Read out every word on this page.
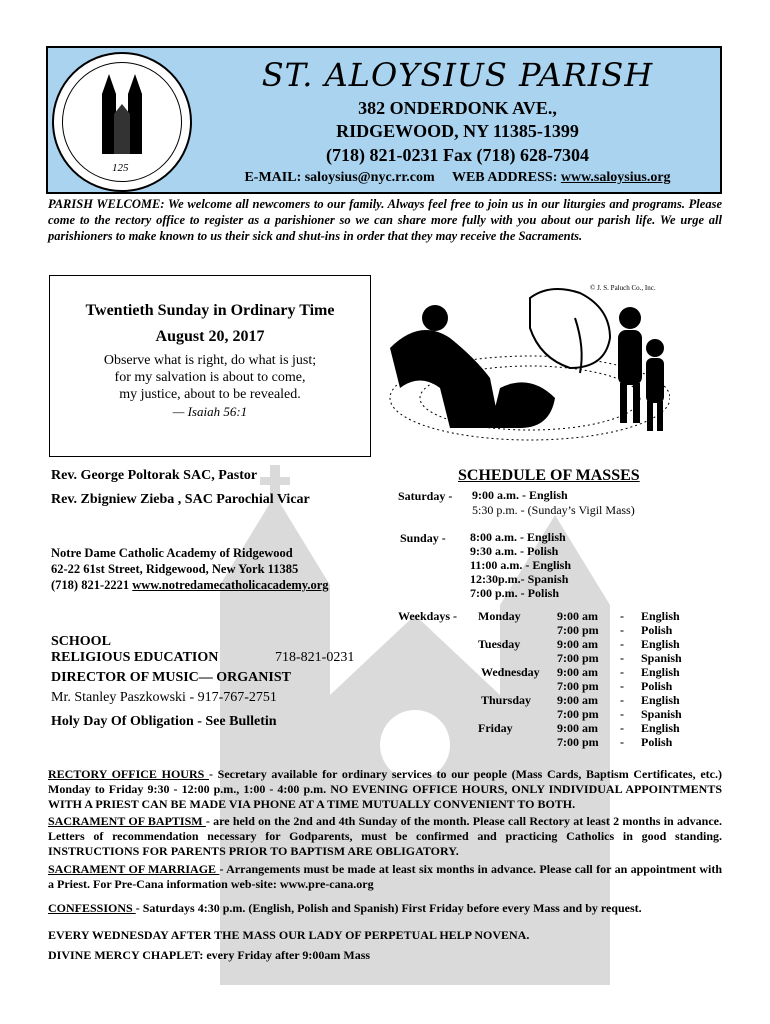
125
ST. ALOYSIUS PARISH
382 ONDERDONK AVE.,
RIDGEWOOD, NY 11385-1399
(718) 821-0231 Fax (718) 628-7304
E-MAIL: saloysius@nyc.rr.com WEB ADDRESS: www.saloysius.org
PARISH WELCOME: We welcome all newcomers to our family. Always feel free to join us in our liturgies and programs. Please come to the rectory office to register as a parishioner so we can share more fully with you about our parish life. We urge all parishioners to make known to us their sick and shut-ins in order that they may receive the Sacraments.
Twentieth Sunday in Ordinary Time
August 20, 2017
Observe what is right, do what is just;
for my salvation is about to come,
my justice, about to be revealed.
— Isaiah 56:1
© J. S. Paluch Co., Inc.
Rev. George Poltorak SAC, Pastor
Rev. Zbigniew Zieba , SAC Parochial Vicar
Notre Dame Catholic Academy of Ridgewood
62-22 61st Street, Ridgewood, New York 11385
(718) 821-2221 www.notredamecatholicacademy.org
SCHOOL
RELIGIOUS EDUCATION	718-821-0231
DIRECTOR OF MUSIC— ORGANIST
Mr. Stanley Paszkowski - 917-767-2751
Holy Day Of Obligation - See Bulletin
SCHEDULE OF MASSES
Saturday - 9:00 a.m. - English
5:30 p.m. - (Sunday’s Vigil Mass)
Sunday - 8:00 a.m. - English
9:30 a.m. - Polish
11:00 a.m. - English
12:30p.m.- Spanish
7:00 p.m. - Polish
Weekdays - Monday
Tuesday
Wednesday
Thursday
Friday
9:00 am - English
7:00 pm - Polish
9:00 am - English
7:00 pm - Spanish
9:00 am - English
7:00 pm - Polish
9:00 am - English
7:00 pm - Spanish
9:00 am - English
7:00 pm - Polish
RECTORY OFFICE HOURS - Secretary available for ordinary services to our people (Mass Cards, Baptism Certificates, etc.) Monday to Friday 9:30 - 12:00 p.m., 1:00 - 4:00 p.m. NO EVENING OFFICE HOURS, ONLY INDIVIDUAL APPOINTMENTS WITH A PRIEST CAN BE MADE VIA PHONE AT A TIME MUTUALLY CONVENIENT TO BOTH.
SACRAMENT OF BAPTISM - are held on the 2nd and 4th Sunday of the month. Please call Rectory at least 2 months in advance. Letters of recommendation necessary for Godparents, must be confirmed and practicing Catholics in good standing. INSTRUCTIONS FOR PARENTS PRIOR TO BAPTISM ARE OBLIGATORY.
SACRAMENT OF MARRIAGE - Arrangements must be made at least six months in advance. Please call for an appointment with a Priest. For Pre-Cana information web-site: www.pre-cana.org
CONFESSIONS - Saturdays 4:30 p.m. (English, Polish and Spanish) First Friday before every Mass and by request.
EVERY WEDNESDAY AFTER THE MASS OUR LADY OF PERPETUAL HELP NOVENA.
DIVINE MERCY CHAPLET: every Friday after 9:00am Mass
